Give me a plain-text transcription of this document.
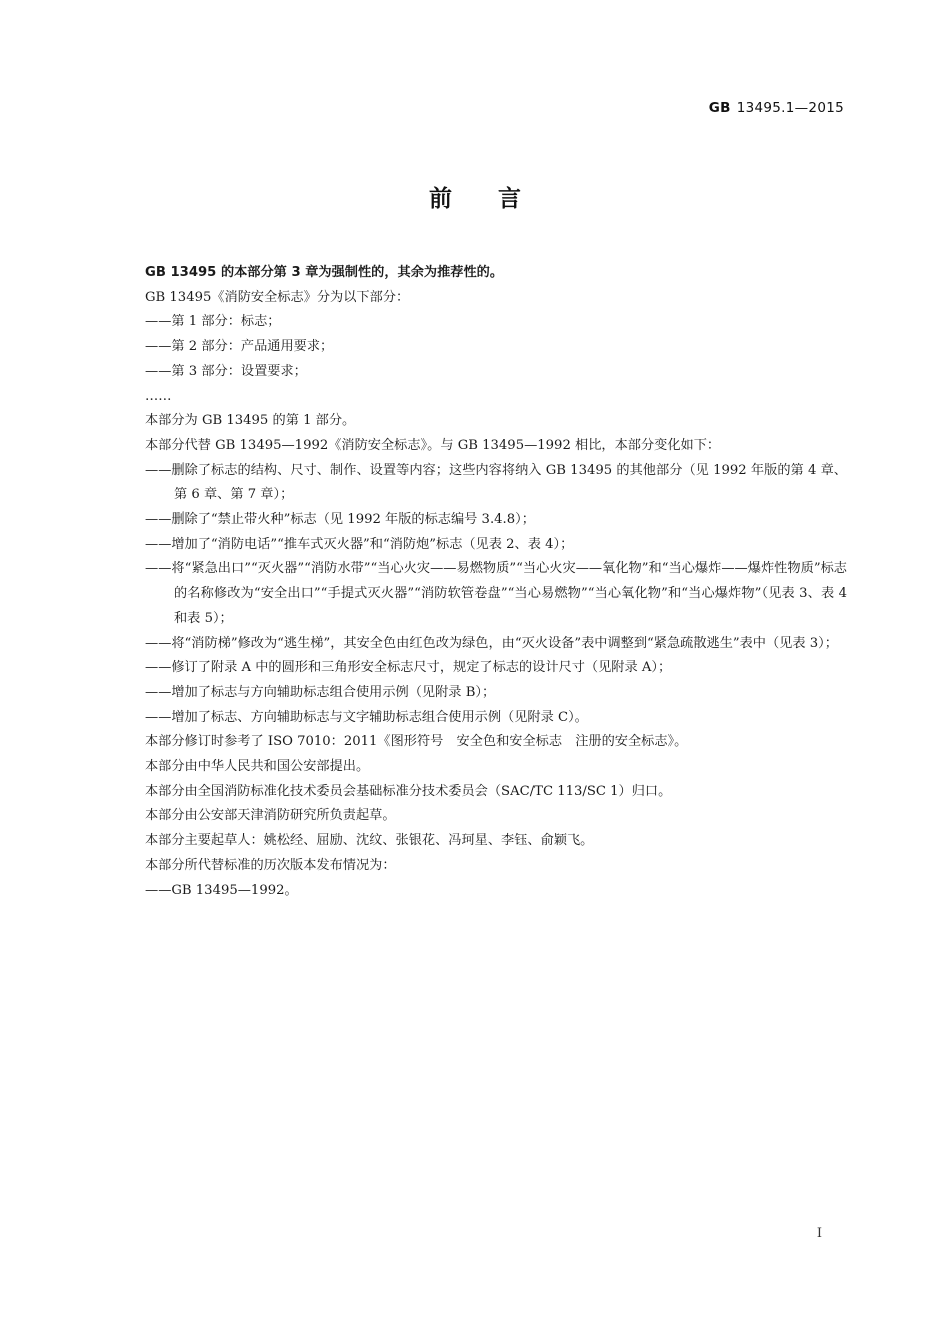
GB 13495.1—2015
前言

GB 13495 的本部分第 3 章为强制性的，其余为推荐性的。

GB 13495《消防安全标志》分为以下部分：

——第 1 部分：标志；

——第 2 部分：产品通用要求；

——第 3 部分：设置要求；

……

本部分为 GB 13495 的第 1 部分。

本部分代替 GB 13495—1992《消防安全标志》。与 GB 13495—1992 相比，本部分变化如下：

——删除了标志的结构、尺寸、制作、设置等内容；这些内容将纳入 GB 13495 的其他部分（见 1992 年版的第 4 章、第 6 章、第 7 章）；

——删除了“禁止带火种”标志（见 1992 年版的标志编号 3.4.8）；

——增加了“消防电话”“推车式灭火器”和“消防炮”标志（见表 2、表 4）；

——将“紧急出口”“灭火器”“消防水带”“当心火灾——易燃物质”“当心火灾——氧化物”和“当心爆炸——爆炸性物质”标志的名称修改为“安全出口”“手提式灭火器”“消防软管卷盘”“当心易燃物”“当心氧化物”和“当心爆炸物”（见表 3、表 4 和表 5）；

——将“消防梯”修改为“逃生梯”，其安全色由红色改为绿色，由“灭火设备”表中调整到“紧急疏散逃生”表中（见表 3）；

——修订了附录 A 中的圆形和三角形安全标志尺寸，规定了标志的设计尺寸（见附录 A）；

——增加了标志与方向辅助标志组合使用示例（见附录 B）；

——增加了标志、方向辅助标志与文字辅助标志组合使用示例（见附录 C）。

本部分修订时参考了 ISO 7010：2011《图形符号　安全色和安全标志　注册的安全标志》。

本部分由中华人民共和国公安部提出。

本部分由全国消防标准化技术委员会基础标准分技术委员会（SAC/TC 113/SC 1）归口。

本部分由公安部天津消防研究所负责起草。

本部分主要起草人：姚松经、屈励、沈纹、张银花、冯珂星、李钰、俞颖飞。

本部分所代替标准的历次版本发布情况为：

——GB 13495—1992。

I
